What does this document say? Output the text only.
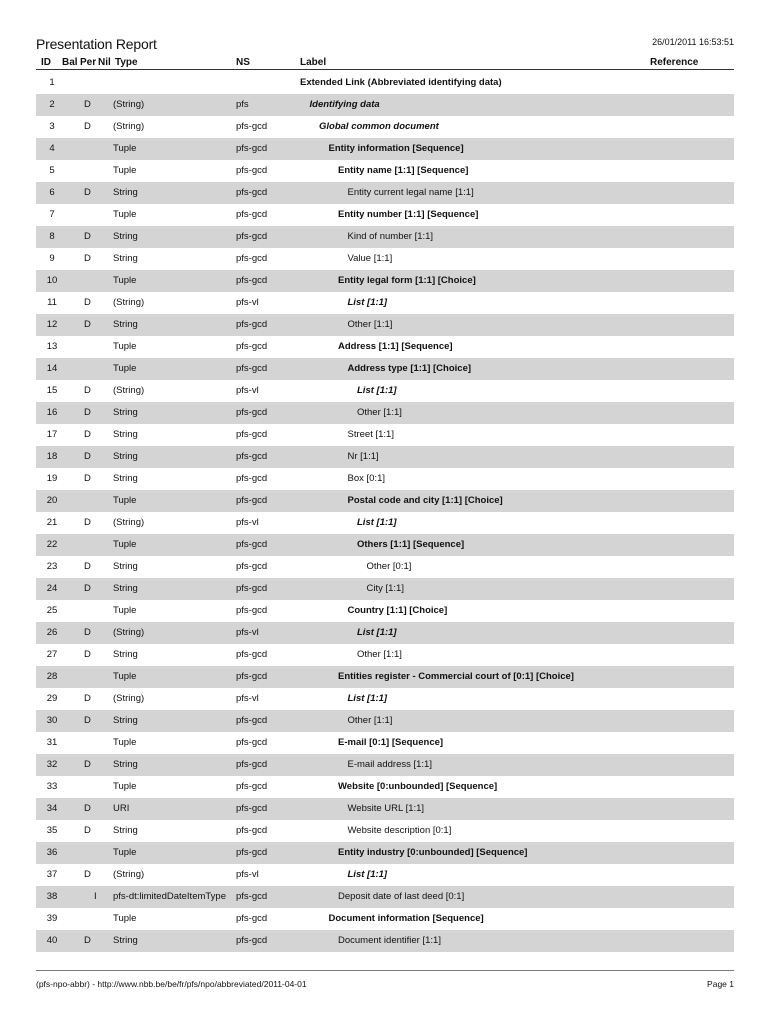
Presentation Report	26/01/2011 16:53:51
ID Bal Per Nil Type	NS	Label	Reference
1	Extended Link (Abbreviated identifying data)
2	D (String)	pfs	Identifying data
3	D (String)	pfs-gcd	Global common document
4	Tuple	pfs-gcd	Entity information [Sequence]
5	Tuple	pfs-gcd	Entity name [1:1] [Sequence]
6	D String	pfs-gcd	Entity current legal name [1:1]
7	Tuple	pfs-gcd	Entity number [1:1] [Sequence]
8	D String	pfs-gcd	Kind of number [1:1]
9	D String	pfs-gcd	Value [1:1]
10	Tuple	pfs-gcd	Entity legal form [1:1] [Choice]
11	D (String)	pfs-vl	List [1:1]
12	D String	pfs-gcd	Other [1:1]
13	Tuple	pfs-gcd	Address [1:1] [Sequence]
14	Tuple	pfs-gcd	Address type [1:1] [Choice]
15	D (String)	pfs-vl	List [1:1]
16	D String	pfs-gcd	Other [1:1]
17	D String	pfs-gcd	Street [1:1]
18	D String	pfs-gcd	Nr [1:1]
19	D String	pfs-gcd	Box [0:1]
20	Tuple	pfs-gcd	Postal code and city [1:1] [Choice]
21	D (String)	pfs-vl	List [1:1]
22	Tuple	pfs-gcd	Others [1:1] [Sequence]
23	D String	pfs-gcd	Other [0:1]
24	D String	pfs-gcd	City [1:1]
25	Tuple	pfs-gcd	Country [1:1] [Choice]
26	D (String)	pfs-vl	List [1:1]
27	D String	pfs-gcd	Other [1:1]
28	Tuple	pfs-gcd	Entities register - Commercial court of [0:1] [Choice]
29	D (String)	pfs-vl	List [1:1]
30	D String	pfs-gcd	Other [1:1]
31	Tuple	pfs-gcd	E-mail [0:1] [Sequence]
32	D String	pfs-gcd	E-mail address [1:1]
33	Tuple	pfs-gcd	Website [0:unbounded] [Sequence]
34	D URI	pfs-gcd	Website URL [1:1]
35	D String	pfs-gcd	Website description [0:1]
36	Tuple	pfs-gcd	Entity industry [0:unbounded] [Sequence]
37	D (String)	pfs-vl	List [1:1]
38	I pfs-dt:limitedDateItemType pfs-gcd	Deposit date of last deed [0:1]
39	Tuple	pfs-gcd	Document information [Sequence]
40	D String	pfs-gcd	Document identifier [1:1]
(pfs-npo-abbr) - http://www.nbb.be/be/fr/pfs/npo/abbreviated/2011-04-01	Page 1
